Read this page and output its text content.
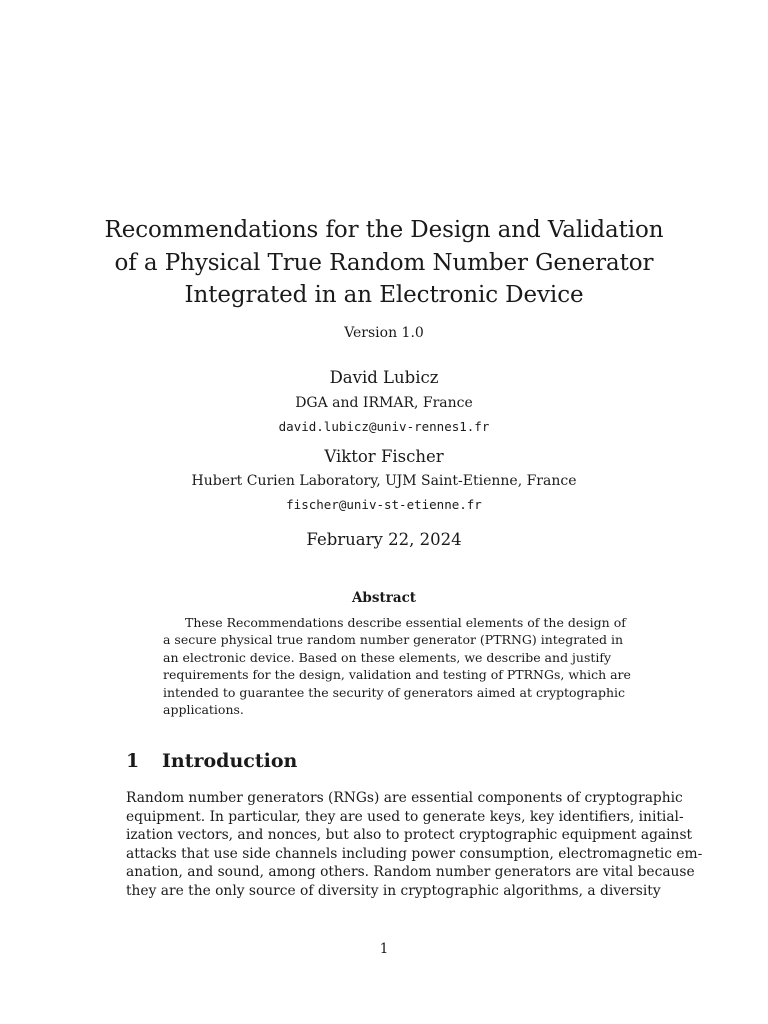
Recommendations for the Design and Validation
of a Physical True Random Number Generator
Integrated in an Electronic Device
Version 1.0
David Lubicz
DGA and IRMAR, France
david.lubicz@univ-rennes1.fr
Viktor Fischer
Hubert Curien Laboratory, UJM Saint-Etienne, France
fischer@univ-st-etienne.fr
February 22, 2024
Abstract
These Recommendations describe essential elements of the design of
a secure physical true random number generator (PTRNG) integrated in
an electronic device. Based on these elements, we describe and justify
requirements for the design, validation and testing of PTRNGs, which are
intended to guarantee the security of generators aimed at cryptographic
applications.
1 Introduction
Random number generators (RNGs) are essential components of cryptographic
equipment. In particular, they are used to generate keys, key identifiers, initial-
ization vectors, and nonces, but also to protect cryptographic equipment against
attacks that use side channels including power consumption, electromagnetic em-
anation, and sound, among others. Random number generators are vital because
they are the only source of diversity in cryptographic algorithms, a diversity
1
